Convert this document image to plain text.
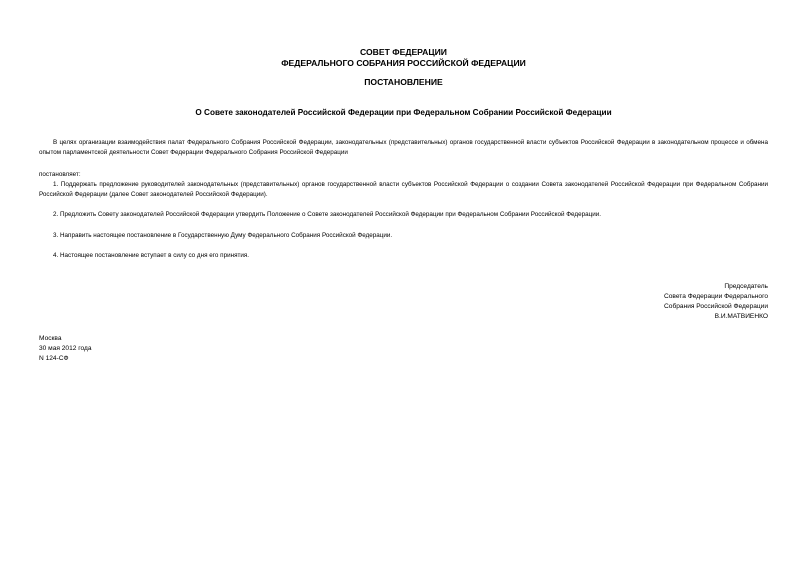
СОВЕТ ФЕДЕРАЦИИ
ФЕДЕРАЛЬНОГО СОБРАНИЯ РОССИЙСКОЙ ФЕДЕРАЦИИ
ПОСТАНОВЛЕНИЕ
О Совете законодателей Российской Федерации при Федеральном Собрании Российской Федерации
В целях организации взаимодействия палат Федерального Собрания Российской Федерации, законодательных (представительных) органов государственной власти субъектов Российской Федерации в законодательном процессе и обмена опытом парламентской деятельности Совет Федерации Федерального Собрания Российской Федерации
постановляет:
1. Поддержать предложение руководителей законодательных (представительных) органов государственной власти субъектов Российской Федерации о создании Совета законодателей Российской Федерации при Федеральном Собрании Российской Федерации (далее Совет законодателей Российской Федерации).
2. Предложить Совету законодателей Российской Федерации утвердить Положение о Совете законодателей Российской Федерации при Федеральном Собрании Российской Федерации.
3. Направить настоящее постановление в Государственную Думу Федерального Собрания Российской Федерации.
4. Настоящее постановление вступает в силу со дня его принятия.
Председатель
Совета Федерации Федерального
Собрания Российской Федерации
В.И.МАТВИЕНКО
Москва
30 мая 2012 года
N 124-СФ
